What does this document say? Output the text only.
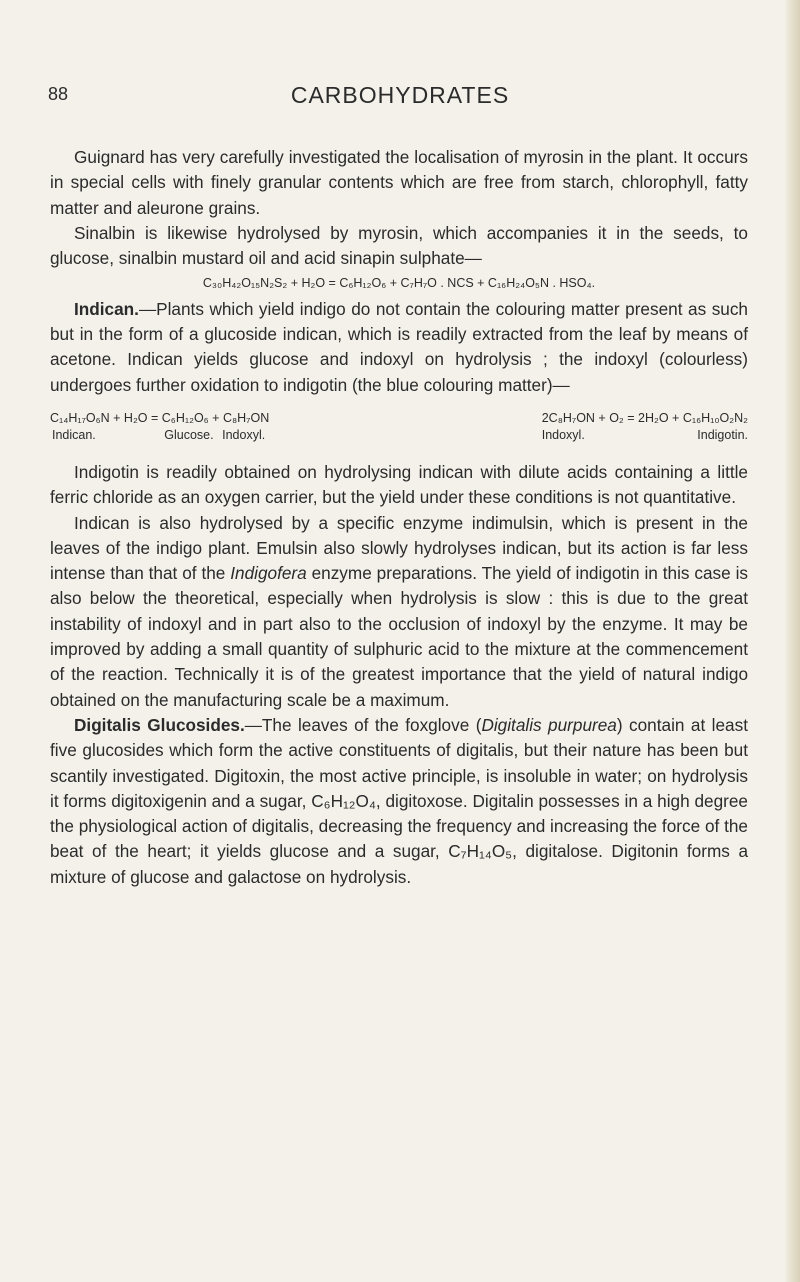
88	CARBOHYDRATES

Guignard has very carefully investigated the localisation of myrosin in the plant. It occurs in special cells with finely granular contents which are free from starch, chlorophyll, fatty matter and aleurone grains.

Sinalbin is likewise hydrolysed by myrosin, which accompanies it in the seeds, to glucose, sinalbin mustard oil and acid sinapin sulphate—

C₃₀H₄₂O₁₅N₂S₂ + H₂O = C₆H₁₂O₆ + C₇H₇O . NCS + C₁₆H₂₄O₅N . HSO₄.

Indican.—Plants which yield indigo do not contain the colouring matter present as such but in the form of a glucoside indican, which is readily extracted from the leaf by means of acetone. Indican yields glucose and indoxyl on hydrolysis ; the indoxyl (colourless) undergoes further oxidation to indigotin (the blue colouring matter)—

C₁₄H₁₇O₆N + H₂O = C₆H₁₂O₆ + C₈H₇ON
Indican.	Glucose. Indoxyl.
2C₈H₇ON + O₂ = 2H₂O + C₁₆H₁₀O₂N₂
Indoxyl.	Indigotin.

Indigotin is readily obtained on hydrolysing indican with dilute acids containing a little ferric chloride as an oxygen carrier, but the yield under these conditions is not quantitative.

Indican is also hydrolysed by a specific enzyme indimulsin, which is present in the leaves of the indigo plant. Emulsin also slowly hydrolyses indican, but its action is far less intense than that of the Indigofera enzyme preparations. The yield of indigotin in this case is also below the theoretical, especially when hydrolysis is slow : this is due to the great instability of indoxyl and in part also to the occlusion of indoxyl by the enzyme. It may be improved by adding a small quantity of sulphuric acid to the mixture at the commencement of the reaction. Technically it is of the greatest importance that the yield of natural indigo obtained on the manufacturing scale be a maximum.

Digitalis Glucosides.—The leaves of the foxglove (Digitalis purpurea) contain at least five glucosides which form the active constituents of digitalis, but their nature has been but scantily investigated. Digitoxin, the most active principle, is insoluble in water; on hydrolysis it forms digitoxigenin and a sugar, C₆H₁₂O₄, digitoxose. Digitalin possesses in a high degree the physiological action of digitalis, decreasing the frequency and increasing the force of the beat of the heart; it yields glucose and a sugar, C₇H₁₄O₅, digitalose. Digitonin forms a mixture of glucose and galactose on hydrolysis.
